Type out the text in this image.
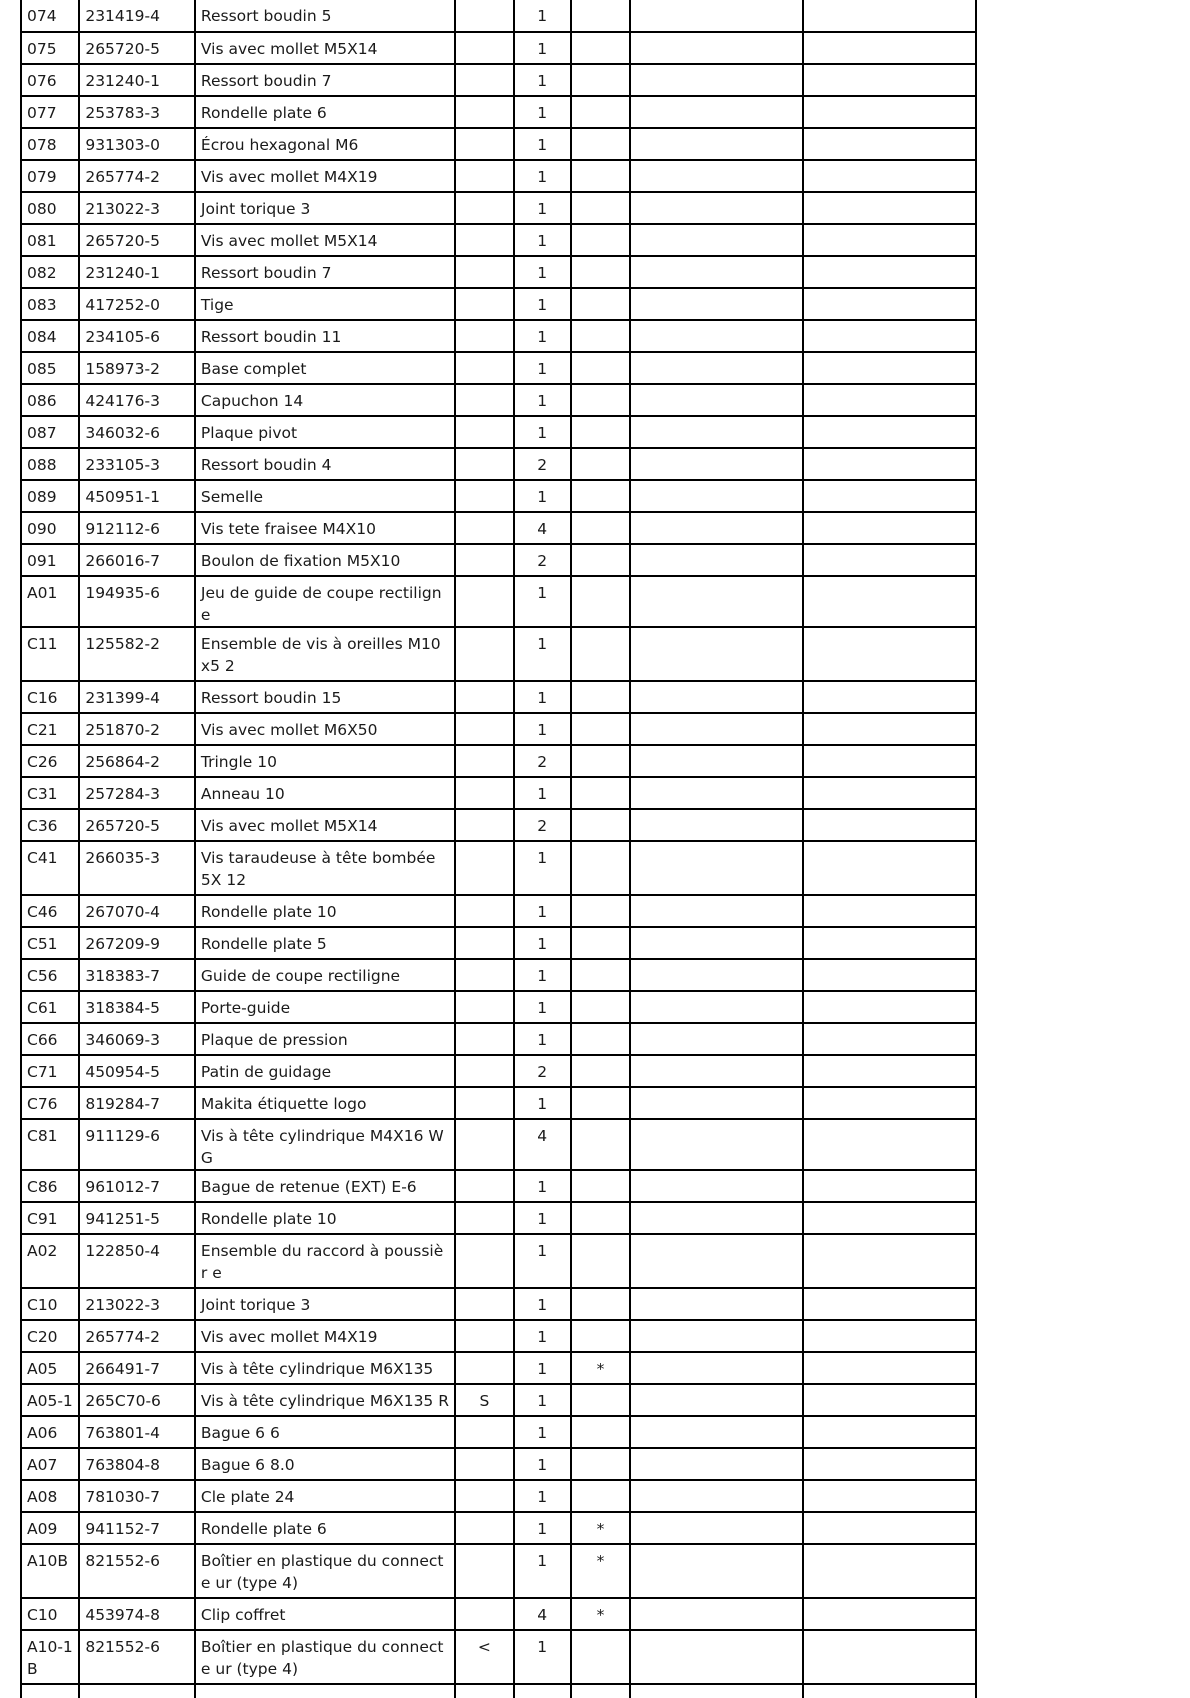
074	231419-4	Ressort boudin 5		1			
075	265720-5	Vis avec mollet M5X14		1			
076	231240-1	Ressort boudin 7		1			
077	253783-3	Rondelle plate 6		1			
078	931303-0	Écrou hexagonal M6		1			
079	265774-2	Vis avec mollet M4X19		1			
080	213022-3	Joint torique 3		1			
081	265720-5	Vis avec mollet M5X14		1			
082	231240-1	Ressort boudin 7		1			
083	417252-0	Tige		1			
084	234105-6	Ressort boudin 11		1			
085	158973-2	Base complet		1			
086	424176-3	Capuchon 14		1			
087	346032-6	Plaque pivot		1			
088	233105-3	Ressort boudin 4		2			
089	450951-1	Semelle		1			
090	912112-6	Vis tete fraisee M4X10		4			
091	266016-7	Boulon de fixation M5X10		2			
A01	194935-6	Jeu de guide de coupe rectiligne		1			
C11	125582-2	Ensemble de vis à oreilles M10x5 2		1			
C16	231399-4	Ressort boudin 15		1			
C21	251870-2	Vis avec mollet M6X50		1			
C26	256864-2	Tringle 10		2			
C31	257284-3	Anneau 10		1			
C36	265720-5	Vis avec mollet M5X14		2			
C41	266035-3	Vis taraudeuse à tête bombée 5X 12		1			
C46	267070-4	Rondelle plate 10		1			
C51	267209-9	Rondelle plate 5		1			
C56	318383-7	Guide de coupe rectiligne		1			
C61	318384-5	Porte-guide		1			
C66	346069-3	Plaque de pression		1			
C71	450954-5	Patin de guidage		2			
C76	819284-7	Makita étiquette logo		1			
C81	911129-6	Vis à tête cylindrique M4X16 WG		4			
C86	961012-7	Bague de retenue (EXT) E-6		1			
C91	941251-5	Rondelle plate 10		1			
A02	122850-4	Ensemble du raccord à poussièr e		1			
C10	213022-3	Joint torique 3		1			
C20	265774-2	Vis avec mollet M4X19		1			
A05	266491-7	Vis à tête cylindrique M6X135		1	*		
A05-1	265C70-6	Vis à tête cylindrique M6X135 R	S	1			
A06	763801-4	Bague 6 6		1			
A07	763804-8	Bague 6 8.0		1			
A08	781030-7	Cle plate 24		1			
A09	941152-7	Rondelle plate 6		1	*		
A10B	821552-6	Boîtier en plastique du connecte ur (type 4)		1	*		
C10	453974-8	Clip coffret		4	*		
A10-1 B	821552-6	Boîtier en plastique du connecte ur (type 4)	<	1			
